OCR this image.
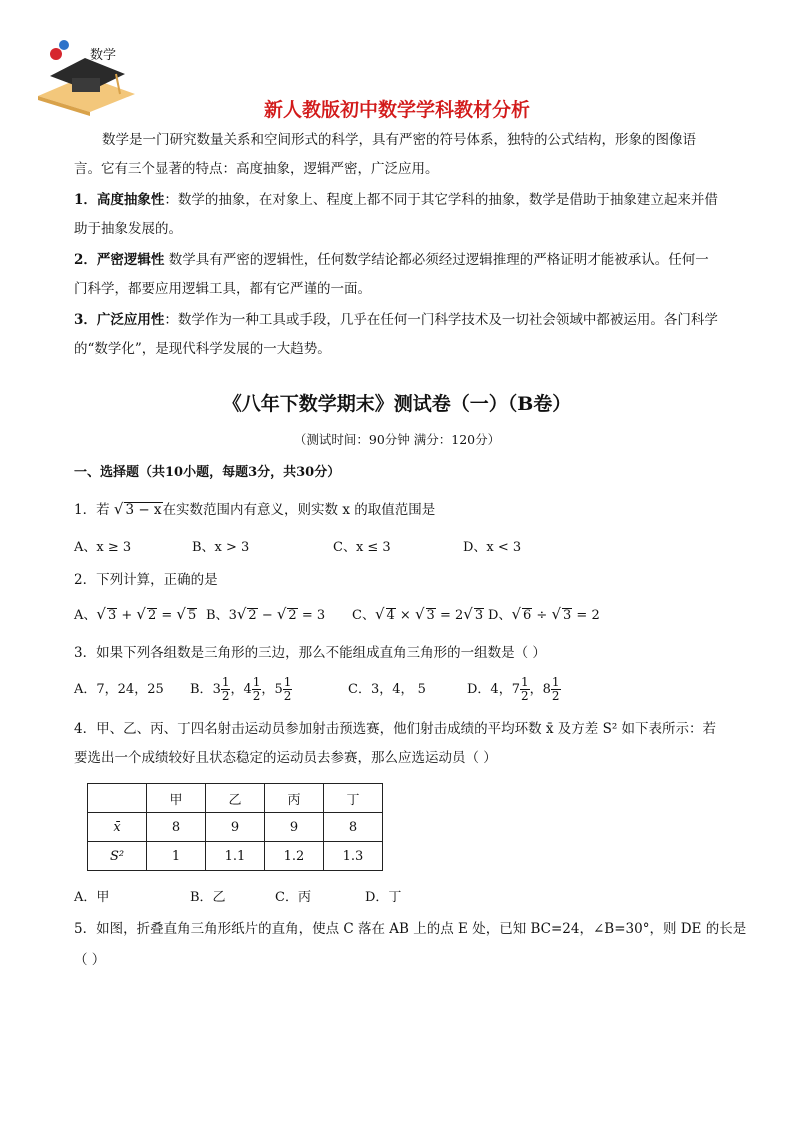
数学
新人教版初中数学学科教材分析
数学是一门研究数量关系和空间形式的科学，具有严密的符号体系，独特的公式结构，形象的图像语言。它有三个显著的特点：高度抽象，逻辑严密，广泛应用。
1．高度抽象性：数学的抽象，在对象上、程度上都不同于其它学科的抽象，数学是借助于抽象建立起来并借助于抽象发展的。
2．严密逻辑性 数学具有严密的逻辑性，任何数学结论都必须经过逻辑推理的严格证明才能被承认。任何一门科学，都要应用逻辑工具，都有它严谨的一面。
3．广泛应用性：数学作为一种工具或手段，几乎在任何一门科学技术及一切社会领域中都被运用。各门科学的“数学化”，是现代科学发展的一大趋势。
《八年下数学期末》测试卷（一）（B卷）
（测试时间：90分钟 满分：120分）
一、选择题（共10小题，每题3分，共30分）
1．若 √ 3 − x在实数范围内有意义，则实数 x 的取值范围是
A、x ≥ 3	B、x > 3	C、x ≤ 3	D、x < 3
2．下列计算，正确的是
A、√ 3 + √ 2 = √ 5 B、3√ 2 − √ 2 = 3 C、√ 4 × √ 3 = 2√ 3 D、√ 6 ÷ √ 3 = 2
3．如果下列各组数是三角形的三边，那么不能组成直角三角形的一组数是（ ）
A．7，24，25 B．$3 \frac{1}{2}$ ，$4 \frac{1}{2}$ ，$5 \frac{1}{2}$	C．3，4， 5	D．4，$7 \frac{1}{2}$ ，$8 \frac{1}{2}$
4．甲、乙、丙、丁四名射击运动员参加射击预选赛，他们射击成绩的平均环数 x̄ 及方差 S² 如下表所示：若
要选出一个成绩较好且状态稳定的运动员去参赛，那么应选运动员（ ）
	甲	乙	丙	丁
x̄	8	9	9	8
S²	1	1.1	1.2	1.3
A．甲	B．乙	C．丙	D．丁
5．如图，折叠直角三角形纸片的直角，使点 C 落在 AB 上的点 E 处，已知 BC=24，∠B=30°，则 DE 的长是
（ ）
